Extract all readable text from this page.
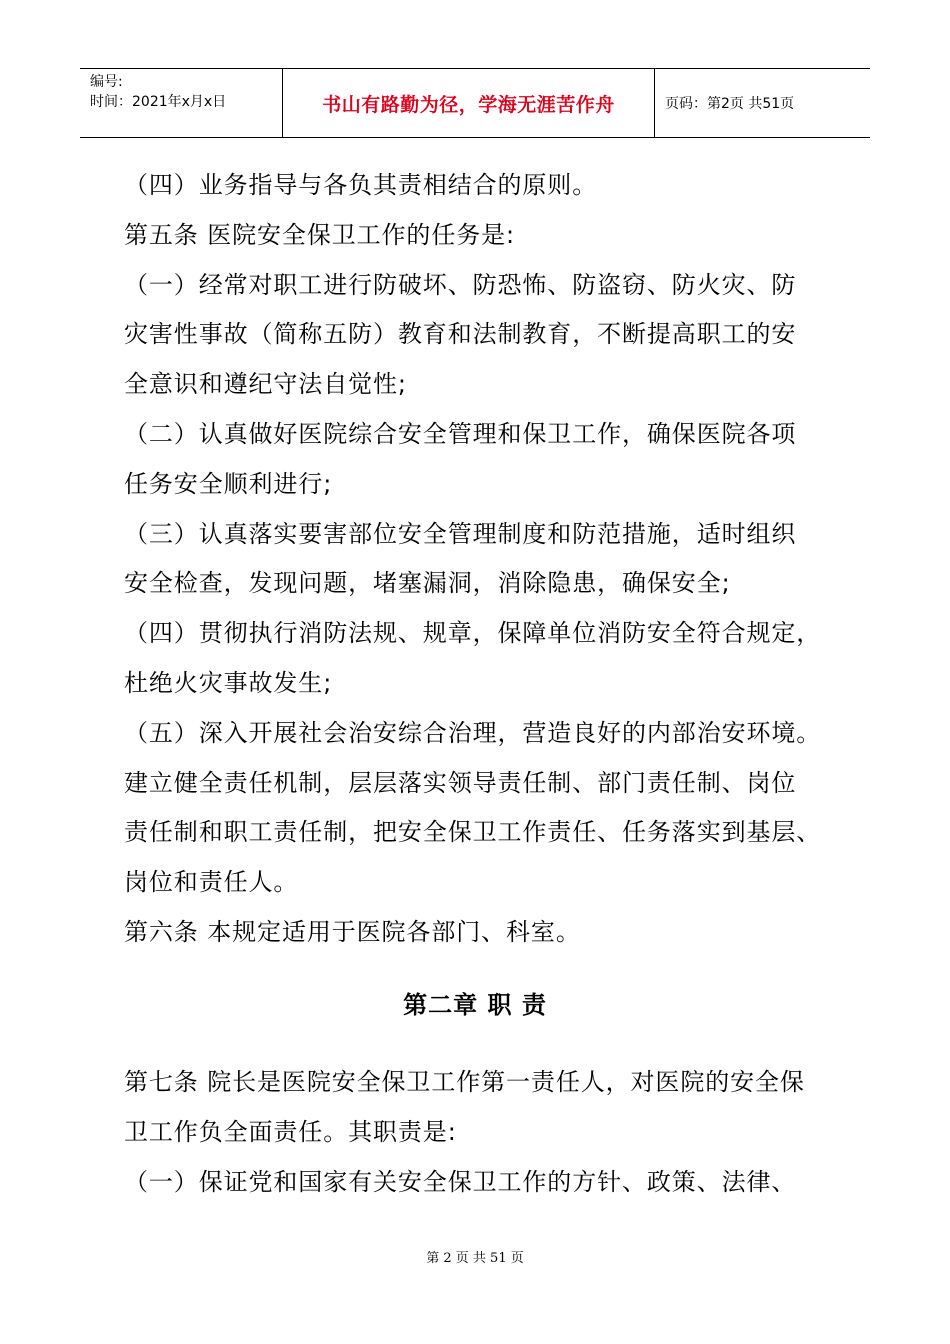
编号:
时间：2021年x月x日	书山有路勤为径，学海无涯苦作舟	页码：第2页 共51页

（四）业务指导与各负其责相结合的原则。

第五条 医院安全保卫工作的任务是:

（一）经常对职工进行防破坏、防恐怖、防盗窃、防火灾、防

灾害性事故（简称五防）教育和法制教育，不断提高职工的安

全意识和遵纪守法自觉性;

（二）认真做好医院综合安全管理和保卫工作，确保医院各项

任务安全顺利进行;

（三）认真落实要害部位安全管理制度和防范措施，适时组织

安全检查，发现问题，堵塞漏洞，消除隐患，确保安全;

（四）贯彻执行消防法规、规章，保障单位消防安全符合规定，

杜绝火灾事故发生;

（五）深入开展社会治安综合治理，营造良好的内部治安环境。

建立健全责任机制，层层落实领导责任制、部门责任制、岗位

责任制和职工责任制，把安全保卫工作责任、任务落实到基层、

岗位和责任人。

第六条 本规定适用于医院各部门、科室。

第二章 职 责

第七条 院长是医院安全保卫工作第一责任人，对医院的安全保

卫工作负全面责任。其职责是:

（一）保证党和国家有关安全保卫工作的方针、政策、法律、

第 2 页 共 51 页
